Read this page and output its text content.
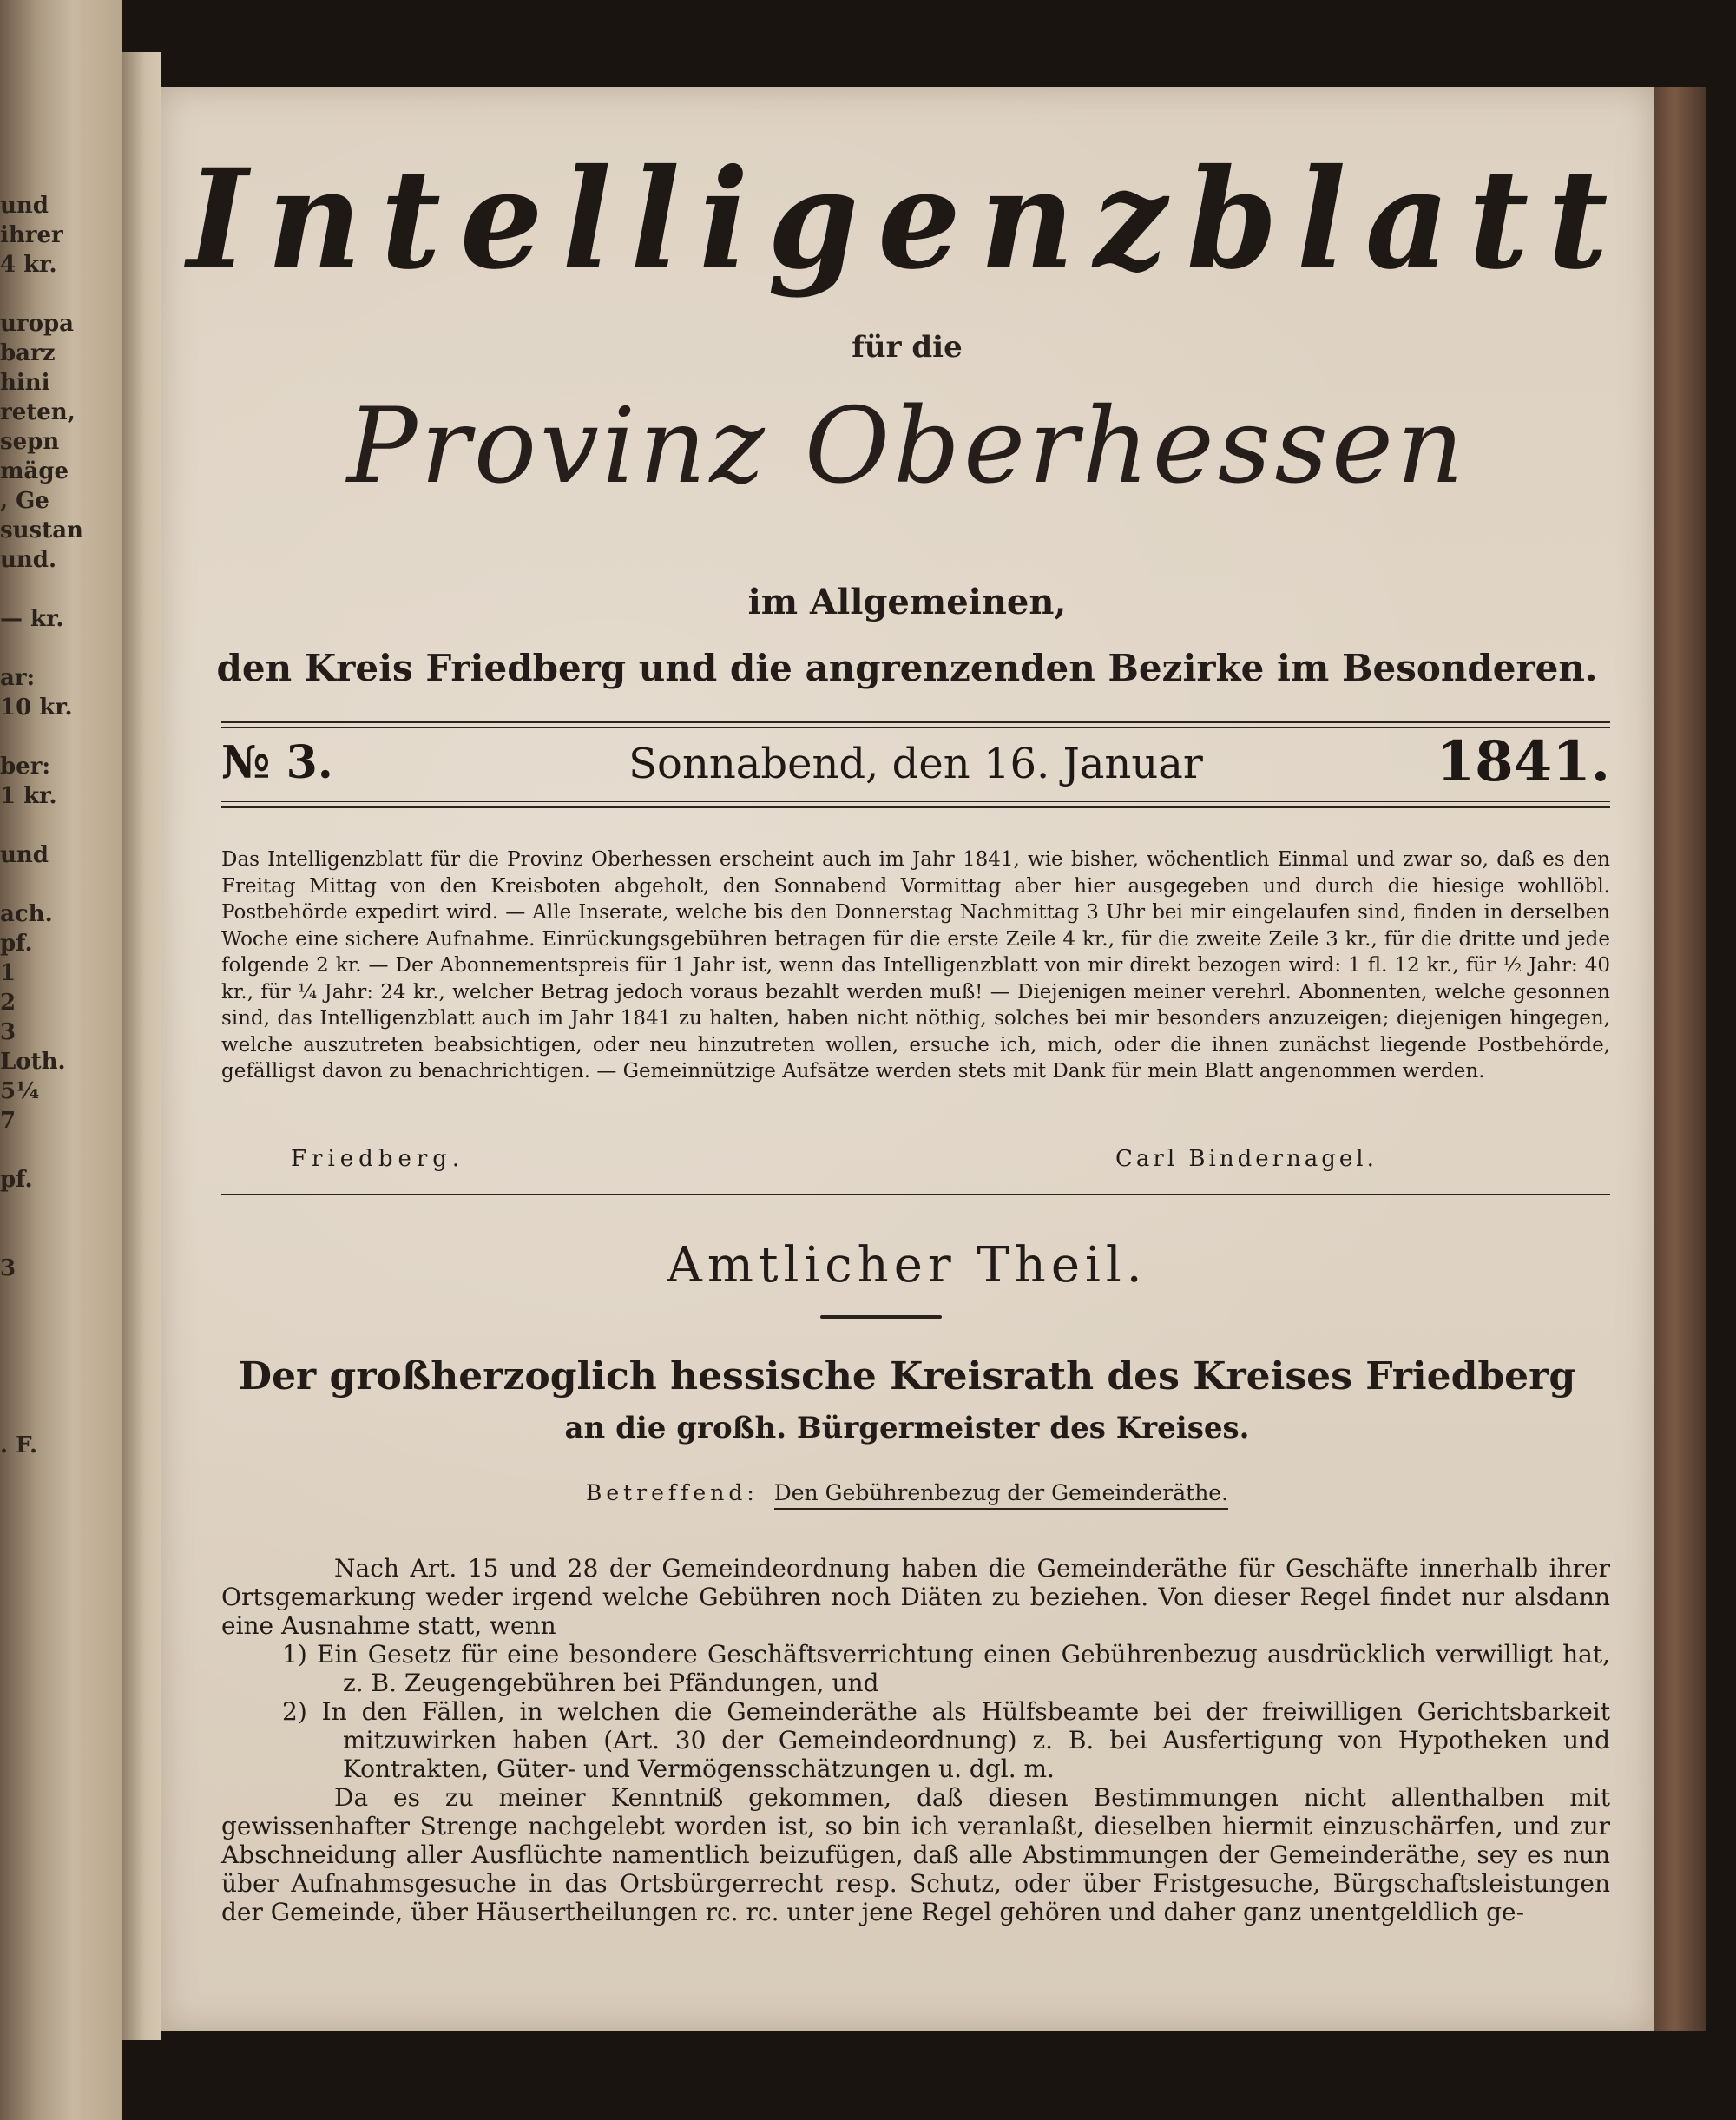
und
ihrer
4 kr.

uropa
barz
hini
reten,
sepn
mäge
, Ge
sustan
und.

— kr.

ar:
10 kr.

ber:
1 kr.

und

ach.
pf.
1
2
3
Loth.
5¼
7

pf.

3

. F.
Intelligenzblatt
für die
Provinz Oberhessen
im Allgemeinen,
den Kreis Friedberg und die angrenzenden Bezirke im Besonderen.
№ 3.	Sonnabend, den 16. Januar	1841.
Das Intelligenzblatt für die Provinz Oberhessen erscheint auch im Jahr 1841, wie bisher, wöchentlich Einmal und zwar so, daß es den Freitag Mittag von den Kreisboten abgeholt, den Sonnabend Vormittag aber hier ausgegeben und durch die hiesige wohllöbl. Postbehörde expedirt wird. — Alle Inserate, welche bis den Donnerstag Nachmittag 3 Uhr bei mir eingelaufen sind, finden in derselben Woche eine sichere Aufnahme. Einrückungsgebühren betragen für die erste Zeile 4 kr., für die zweite Zeile 3 kr., für die dritte und jede folgende 2 kr. — Der Abonnementspreis für 1 Jahr ist, wenn das Intelligenzblatt von mir direkt bezogen wird: 1 fl. 12 kr., für ½ Jahr: 40 kr., für ¼ Jahr: 24 kr., welcher Betrag jedoch voraus bezahlt werden muß! — Diejenigen meiner verehrl. Abonnenten, welche gesonnen sind, das Intelligenzblatt auch im Jahr 1841 zu halten, haben nicht nöthig, solches bei mir besonders anzuzeigen; diejenigen hingegen, welche auszutreten beabsichtigen, oder neu hinzutreten wollen, ersuche ich, mich, oder die ihnen zunächst liegende Postbehörde, gefälligst davon zu benachrichtigen. — Gemeinnützige Aufsätze werden stets mit Dank für mein Blatt angenommen werden.
Friedberg.	Carl Bindernagel.
Amtlicher Theil.
Der großherzoglich hessische Kreisrath des Kreises Friedberg
an die großh. Bürgermeister des Kreises.
Betreffend: Den Gebührenbezug der Gemeinderäthe.

Nach Art. 15 und 28 der Gemeindeordnung haben die Gemeinderäthe für Geschäfte innerhalb ihrer Ortsgemarkung weder irgend welche Gebühren noch Diäten zu beziehen. Von dieser Regel findet nur alsdann eine Ausnahme statt, wenn

1) Ein Gesetz für eine besondere Geschäftsverrichtung einen Gebührenbezug ausdrücklich verwilligt hat, z. B. Zeugengebühren bei Pfändungen, und

2) In den Fällen, in welchen die Gemeinderäthe als Hülfsbeamte bei der freiwilligen Gerichtsbarkeit mitzuwirken haben (Art. 30 der Gemeindeordnung) z. B. bei Ausfertigung von Hypotheken und Kontrakten, Güter- und Vermögensschätzungen u. dgl. m.

Da es zu meiner Kenntniß gekommen, daß diesen Bestimmungen nicht allenthalben mit gewissenhafter Strenge nachgelebt worden ist, so bin ich veranlaßt, dieselben hiermit einzuschärfen, und zur Abschneidung aller Ausflüchte namentlich beizufügen, daß alle Abstimmungen der Gemeinderäthe, sey es nun über Aufnahmsgesuche in das Ortsbürgerrecht resp. Schutz, oder über Fristgesuche, Bürgschaftsleistungen der Gemeinde, über Häusertheilungen rc. rc. unter jene Regel gehören und daher ganz unentgeldlich ge-
